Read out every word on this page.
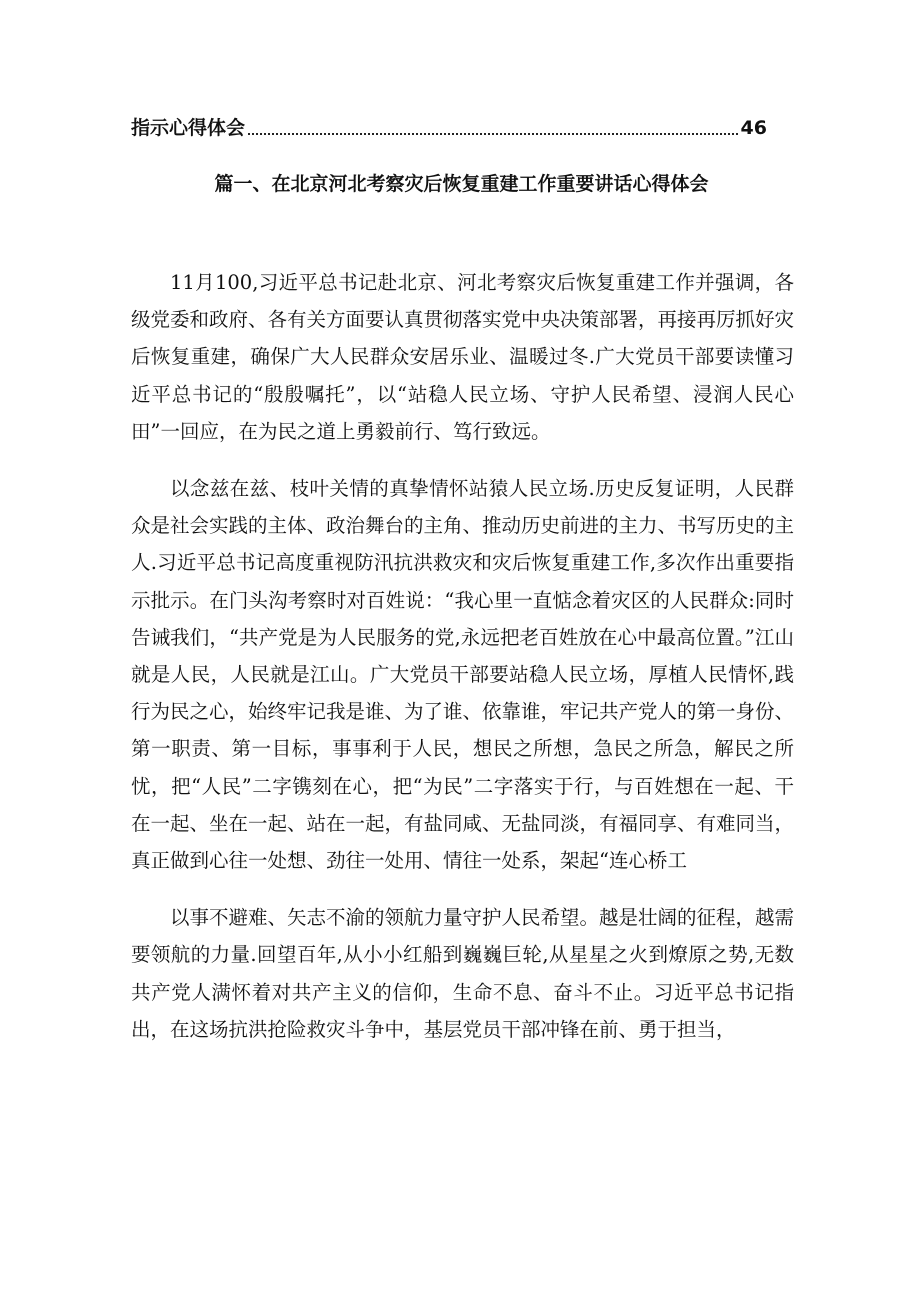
指示心得体会	46
篇一、在北京河北考察灾后恢复重建工作重要讲话心得体会

11月100,习近平总书记赴北京、河北考察灾后恢复重建工作并强调，各级党委和政府、各有关方面要认真贯彻落实党中央决策部署，再接再厉抓好灾后恢复重建，确保广大人民群众安居乐业、温暖过冬.广大党员干部要读懂习近平总书记的“殷殷嘱托”，以“站稳人民立场、守护人民希望、浸润人民心田”一回应，在为民之道上勇毅前行、笃行致远。

以念兹在兹、枝叶关情的真挚情怀站猿人民立场.历史反复证明，人民群众是社会实践的主体、政治舞台的主角、推动历史前进的主力、书写历史的主人.习近平总书记高度重视防汛抗洪救灾和灾后恢复重建工作,多次作出重要指示批示。在门头沟考察时对百姓说：“我心里一直惦念着灾区的人民群众:同时告诫我们，“共产党是为人民服务的党,永远把老百姓放在心中最高位置。”江山就是人民，人民就是江山。广大党员干部要站稳人民立场，厚植人民情怀,践行为民之心，始终牢记我是谁、为了谁、依靠谁，牢记共产党人的第一身份、第一职责、第一目标，事事利于人民，想民之所想，急民之所急，解民之所忧，把“人民”二字镌刻在心，把“为民”二字落实于行，与百姓想在一起、干在一起、坐在一起、站在一起，有盐同咸、无盐同淡，有福同享、有难同当，真正做到心往一处想、劲往一处用、情往一处系，架起“连心桥工

以事不避难、矢志不渝的领航力量守护人民希望。越是壮阔的征程，越需要领航的力量.回望百年,从小小红船到巍巍巨轮,从星星之火到燎原之势,无数共产党人满怀着对共产主义的信仰，生命不息、奋斗不止。习近平总书记指出，在这场抗洪抢险救灾斗争中，基层党员干部冲锋在前、勇于担当，
